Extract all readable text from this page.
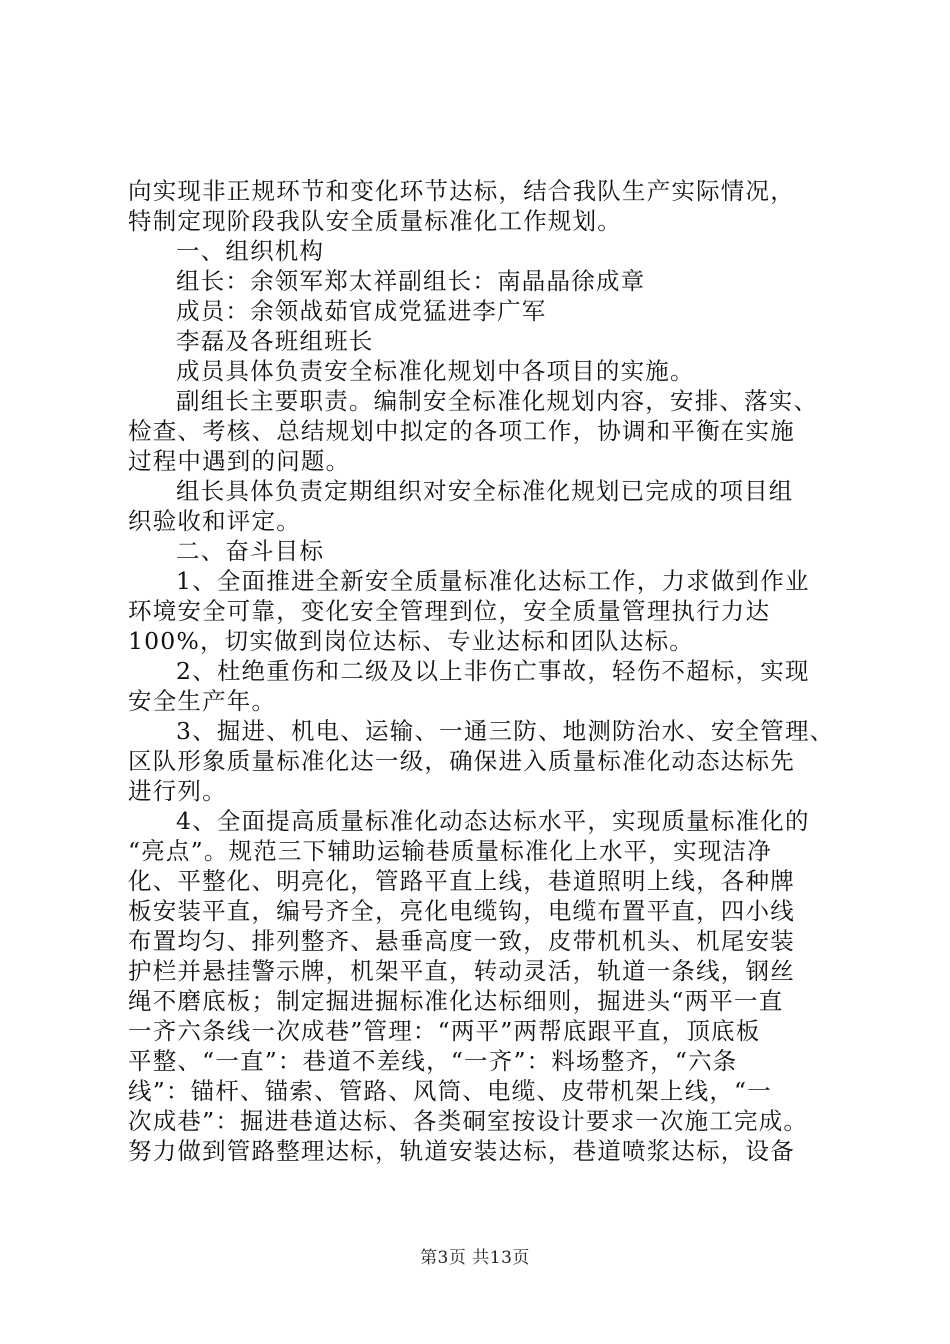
向实现非正规环节和变化环节达标，结合我队生产实际情况，
特制定现阶段我队安全质量标准化工作规划。
一、组织机构
组长：余领军郑太祥副组长：南晶晶徐成章
成员：余领战茹官成党猛进李广军
李磊及各班组班长
成员具体负责安全标准化规划中各项目的实施。
副组长主要职责。编制安全标准化规划内容，安排、落实、
检查、考核、总结规划中拟定的各项工作，协调和平衡在实施
过程中遇到的问题。
组长具体负责定期组织对安全标准化规划已完成的项目组
织验收和评定。
二、奋斗目标
1、全面推进全新安全质量标准化达标工作，力求做到作业
环境安全可靠，变化安全管理到位，安全质量管理执行力达
100%，切实做到岗位达标、专业达标和团队达标。
2、杜绝重伤和二级及以上非伤亡事故，轻伤不超标，实现
安全生产年。
3、掘进、机电、运输、一通三防、地测防治水、安全管理、
区队形象质量标准化达一级，确保进入质量标准化动态达标先
进行列。
4、全面提高质量标准化动态达标水平，实现质量标准化的
“亮点”。规范三下辅助运输巷质量标准化上水平，实现洁净
化、平整化、明亮化，管路平直上线，巷道照明上线，各种牌
板安装平直，编号齐全，亮化电缆钩，电缆布置平直，四小线
布置均匀、排列整齐、悬垂高度一致，皮带机机头、机尾安装
护栏并悬挂警示牌，机架平直，转动灵活，轨道一条线，钢丝
绳不磨底板；制定掘进掘标准化达标细则，掘进头“两平一直
一齐六条线一次成巷”管理：“两平”两帮底跟平直，顶底板
平整、“一直”：巷道不差线，“一齐”：料场整齐，“六条
线”：锚杆、锚索、管路、风筒、电缆、皮带机架上线，“一
次成巷”：掘进巷道达标、各类硐室按设计要求一次施工完成。
努力做到管路整理达标，轨道安装达标，巷道喷浆达标，设备
第3页 共13页
